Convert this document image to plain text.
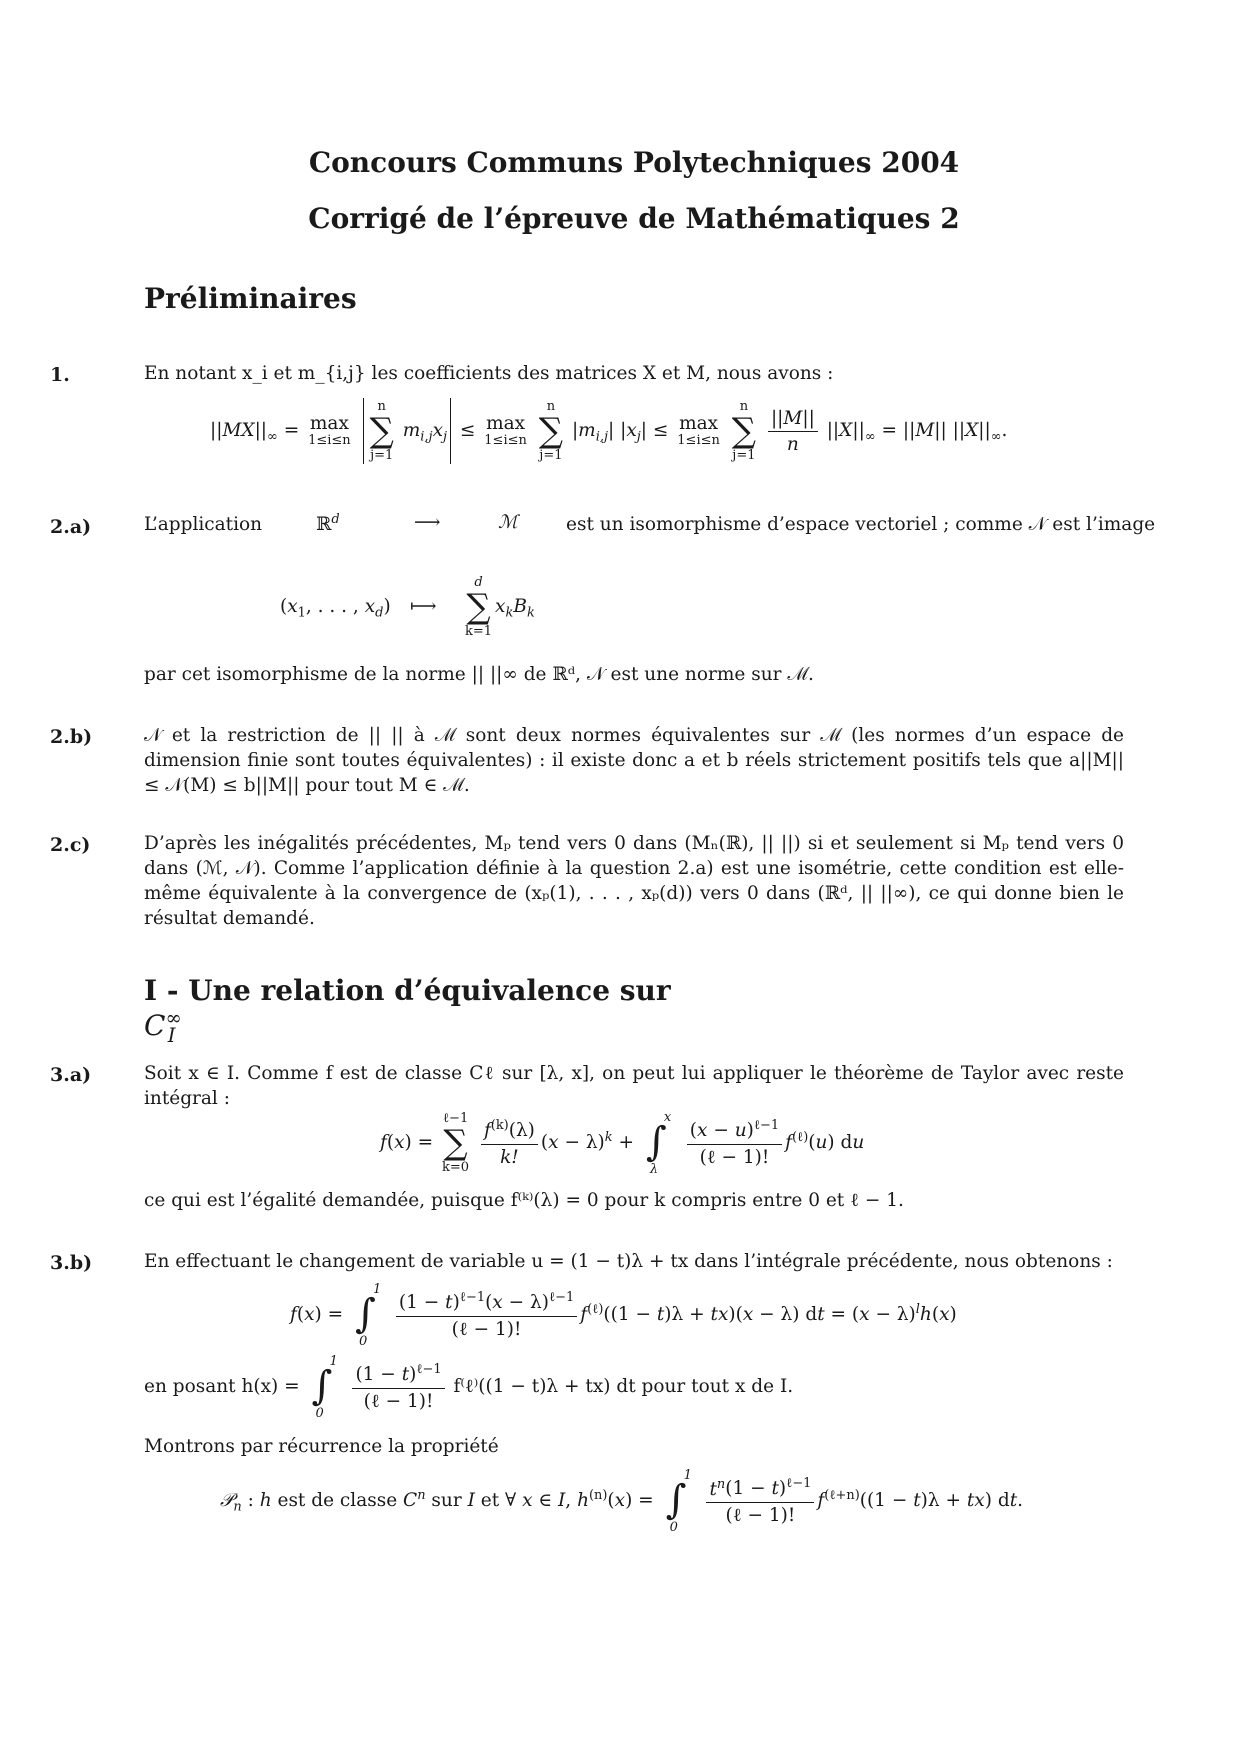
Concours Communs Polytechniques 2004
Corrigé de l’épreuve de Mathématiques 2
Préliminaires
1.	En notant x_i et m_{i,j} les coefficients des matrices X et M, nous avons :
$||MX||_\infty = \max$
1≤i≤n

n
∑
j=1
$m_{i,j}x_j \le \max$
1≤i≤n

n
∑
j=1
$|m_{i,j}|$ $|x_j| \le \max$
1≤i≤n

n
∑
j=1

$\frac{||M||}{n} ||X||_\infty = ||M||$ $||X||_\infty$.
2.a)	L’application	ℝ$^d$	⟶	ℳ	est un isomorphisme d’espace vectoriel ; comme 𝒩 est l’image
($x_1$, . . . , $x_d$) ⟼
d
∑
k=1
$x_kB_k$
par cet isomorphisme de la norme || ||∞ de ℝᵈ, 𝒩 est une norme sur ℳ.
2.b)	𝒩 et la restriction de || || à ℳ sont deux normes équivalentes sur ℳ (les normes d’un espace de dimension finie sont toutes équivalentes) : il existe donc a et b réels strictement positifs tels que a||M|| ≤ 𝒩(M) ≤ b||M|| pour tout M ∈ ℳ.
2.c)	D’après les inégalités précédentes, Mₚ tend vers 0 dans (Mₙ(ℝ), || ||) si et seulement si Mₚ tend vers 0 dans (ℳ, 𝒩). Comme l’application définie à la question 2.a) est une isométrie, cette condition est elle-même équivalente à la convergence de (xₚ(1), . . . , xₚ(d)) vers 0 dans (ℝᵈ, || ||∞), ce qui donne bien le résultat demandé.
I - Une relation d’équivalence sur $C^\infty_I$
3.a)	Soit x ∈ I. Comme f est de classe Cℓ sur [λ, x], on peut lui appliquer le théorème de Taylor avec reste intégral :
f(x) =
ℓ−1
∑
k=0
$\frac{f^{(k)}(\lambda)}{k!} (x - \lambda)^k$ + ∫
x
λ

$\frac{(x - u)^{\ell-1}}{\text{(ℓ − 1)!}} f^{(\ell)}(u)$ du
ce qui est l’égalité demandée, puisque f⁽ᵏ⁾(λ) = 0 pour k compris entre 0 et ℓ − 1.
3.b)	En effectuant le changement de variable u = (1 − t)λ + tx dans l’intégrale précédente, nous obtenons :
f(x) = ∫
1
0

$\frac{(1 - t)^{\ell-1}(x - \lambda)^{\ell-1}}{\text{(ℓ − 1)!}} f^{(\ell)}((1 - t)\lambda + tx)(x - \lambda)$ dt = $(x - \lambda)^lh(x)$
en posant h(x) = ∫
1
0

$\frac{(1 - t)^{\ell-1}}{\text{(ℓ − 1)!}}$ f⁽ℓ⁾((1 − t)λ + tx) dt pour tout x de I.
Montrons par récurrence la propriété
𝒫$_n$ : h est de classe $C^n$ sur I et ∀ x ∈ I, $h^{(n)}(x)$ = ∫
1
0

$\frac{t^n(1 - t)^{\ell-1}}{\text{(ℓ − 1)!}} f^{(\ell+n)}((1 - t)\lambda + tx)$ dt.
